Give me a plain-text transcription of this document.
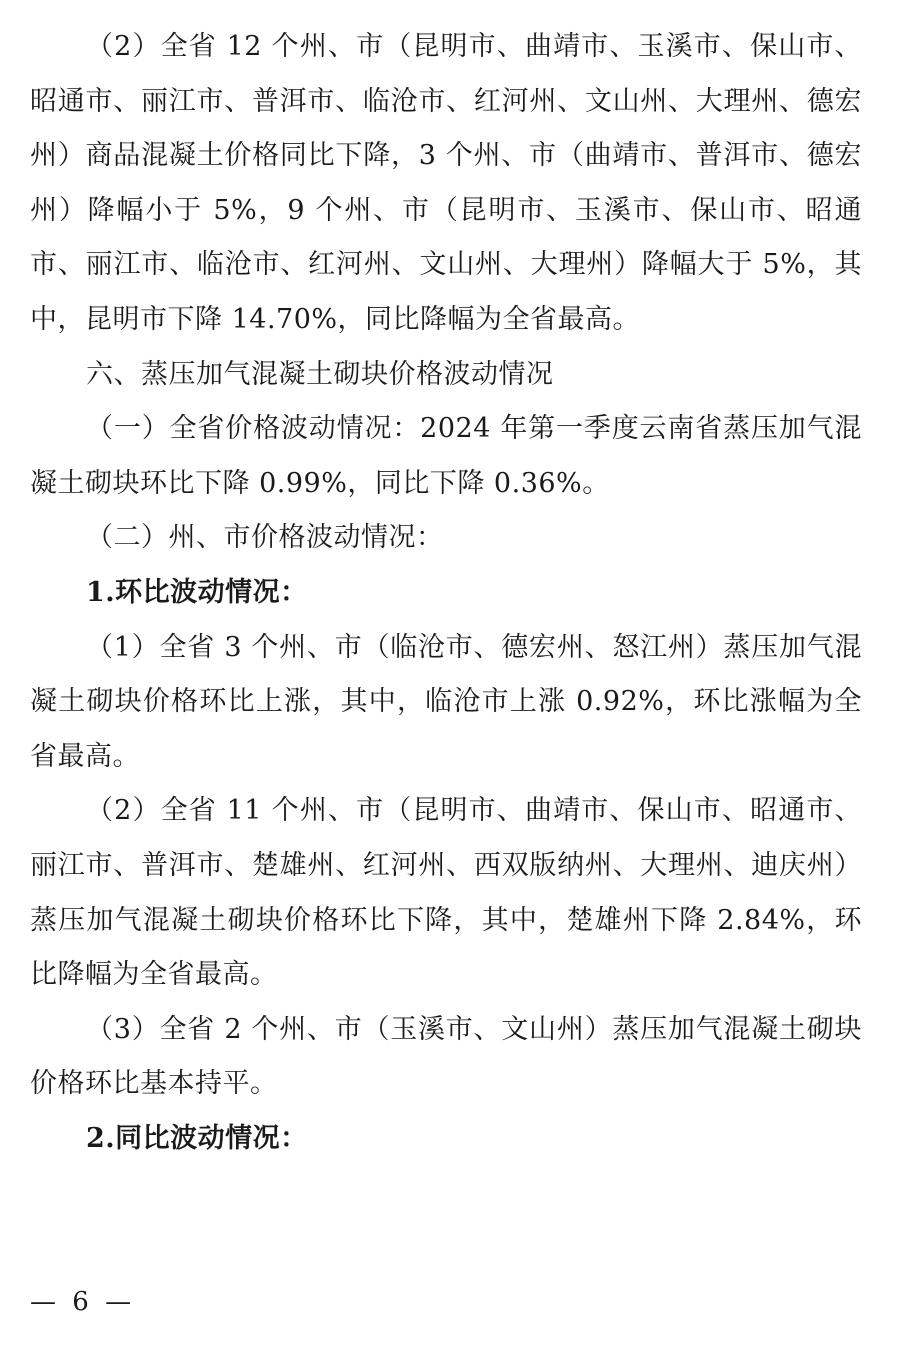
（2）全省 12 个州、市（昆明市、曲靖市、玉溪市、保山市、昭通市、丽江市、普洱市、临沧市、红河州、文山州、大理州、德宏州）商品混凝土价格同比下降，3 个州、市（曲靖市、普洱市、德宏州）降幅小于 5%，9 个州、市（昆明市、玉溪市、保山市、昭通市、丽江市、临沧市、红河州、文山州、大理州）降幅大于 5%，其中，昆明市下降 14.70%，同比降幅为全省最高。

六、蒸压加气混凝土砌块价格波动情况

（一）全省价格波动情况：2024 年第一季度云南省蒸压加气混凝土砌块环比下降 0.99%，同比下降 0.36%。

（二）州、市价格波动情况：

1.环比波动情况：

（1）全省 3 个州、市（临沧市、德宏州、怒江州）蒸压加气混凝土砌块价格环比上涨，其中，临沧市上涨 0.92%，环比涨幅为全省最高。

（2）全省 11 个州、市（昆明市、曲靖市、保山市、昭通市、丽江市、普洱市、楚雄州、红河州、西双版纳州、大理州、迪庆州）蒸压加气混凝土砌块价格环比下降，其中，楚雄州下降 2.84%，环比降幅为全省最高。

（3）全省 2 个州、市（玉溪市、文山州）蒸压加气混凝土砌块价格环比基本持平。

2.同比波动情况：
— 6 —
